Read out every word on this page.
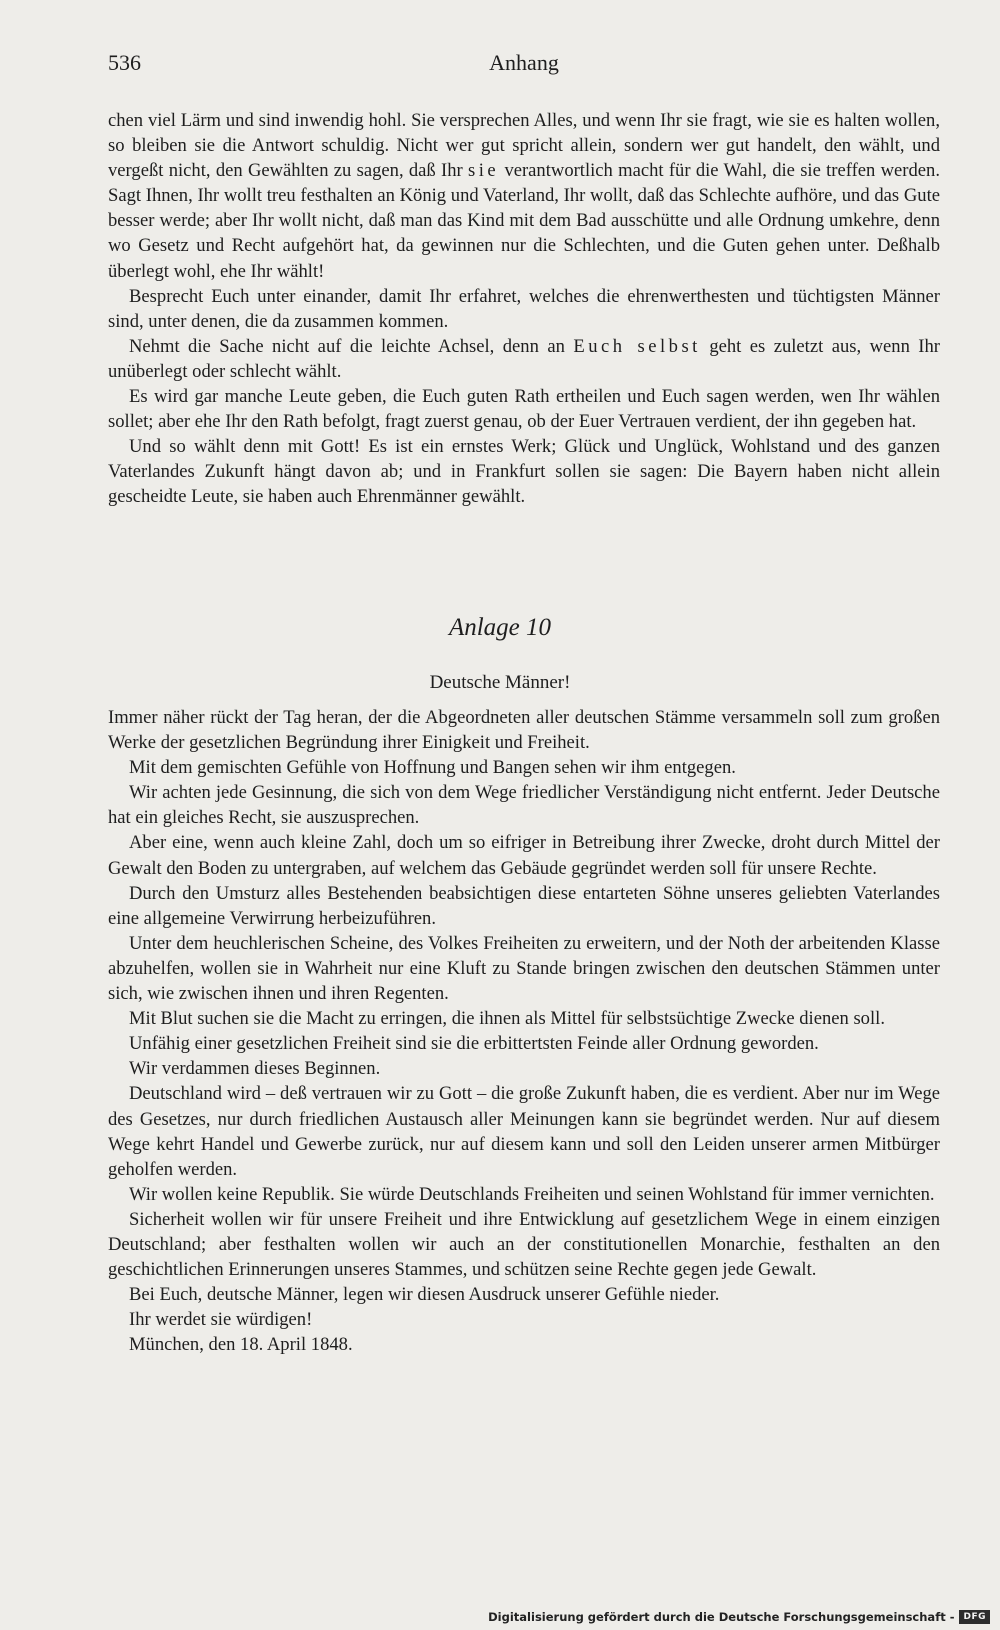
536	Anhang

chen viel Lärm und sind inwendig hohl. Sie versprechen Alles, und wenn Ihr sie fragt, wie sie es halten wollen, so bleiben sie die Antwort schuldig. Nicht wer gut spricht allein, sondern wer gut handelt, den wählt, und vergeßt nicht, den Gewählten zu sagen, daß Ihr sie verantwortlich macht für die Wahl, die sie treffen werden. Sagt Ihnen, Ihr wollt treu festhalten an König und Vaterland, Ihr wollt, daß das Schlechte aufhöre, und das Gute besser werde; aber Ihr wollt nicht, daß man das Kind mit dem Bad ausschütte und alle Ordnung umkehre, denn wo Gesetz und Recht aufgehört hat, da gewinnen nur die Schlechten, und die Guten gehen unter. Deßhalb überlegt wohl, ehe Ihr wählt!

Besprecht Euch unter einander, damit Ihr erfahret, welches die ehrenwerthesten und tüchtigsten Männer sind, unter denen, die da zusammen kommen.

Nehmt die Sache nicht auf die leichte Achsel, denn an Euch selbst geht es zuletzt aus, wenn Ihr unüberlegt oder schlecht wählt.

Es wird gar manche Leute geben, die Euch guten Rath ertheilen und Euch sagen werden, wen Ihr wählen sollet; aber ehe Ihr den Rath befolgt, fragt zuerst genau, ob der Euer Vertrauen verdient, der ihn gegeben hat.

Und so wählt denn mit Gott! Es ist ein ernstes Werk; Glück und Unglück, Wohlstand und des ganzen Vaterlandes Zukunft hängt davon ab; und in Frankfurt sollen sie sagen: Die Bayern haben nicht allein gescheidte Leute, sie haben auch Ehrenmänner gewählt.

Anlage 10
Deutsche Männer!

Immer näher rückt der Tag heran, der die Abgeordneten aller deutschen Stämme versammeln soll zum großen Werke der gesetzlichen Begründung ihrer Einigkeit und Freiheit.

Mit dem gemischten Gefühle von Hoffnung und Bangen sehen wir ihm entgegen.

Wir achten jede Gesinnung, die sich von dem Wege friedlicher Verständigung nicht entfernt. Jeder Deutsche hat ein gleiches Recht, sie auszusprechen.

Aber eine, wenn auch kleine Zahl, doch um so eifriger in Betreibung ihrer Zwecke, droht durch Mittel der Gewalt den Boden zu untergraben, auf welchem das Gebäude gegründet werden soll für unsere Rechte.

Durch den Umsturz alles Bestehenden beabsichtigen diese entarteten Söhne unseres geliebten Vaterlandes eine allgemeine Verwirrung herbeizuführen.

Unter dem heuchlerischen Scheine, des Volkes Freiheiten zu erweitern, und der Noth der arbeitenden Klasse abzuhelfen, wollen sie in Wahrheit nur eine Kluft zu Stande bringen zwischen den deutschen Stämmen unter sich, wie zwischen ihnen und ihren Regenten.

Mit Blut suchen sie die Macht zu erringen, die ihnen als Mittel für selbstsüchtige Zwecke dienen soll.

Unfähig einer gesetzlichen Freiheit sind sie die erbittertsten Feinde aller Ordnung geworden.

Wir verdammen dieses Beginnen.

Deutschland wird – deß vertrauen wir zu Gott – die große Zukunft haben, die es verdient. Aber nur im Wege des Gesetzes, nur durch friedlichen Austausch aller Meinungen kann sie begründet werden. Nur auf diesem Wege kehrt Handel und Gewerbe zurück, nur auf diesem kann und soll den Leiden unserer armen Mitbürger geholfen werden.

Wir wollen keine Republik. Sie würde Deutschlands Freiheiten und seinen Wohlstand für immer vernichten.

Sicherheit wollen wir für unsere Freiheit und ihre Entwicklung auf gesetzlichem Wege in einem einzigen Deutschland; aber festhalten wollen wir auch an der constitutionellen Monarchie, festhalten an den geschichtlichen Erinnerungen unseres Stammes, und schützen seine Rechte gegen jede Gewalt.

Bei Euch, deutsche Männer, legen wir diesen Ausdruck unserer Gefühle nieder.

Ihr werdet sie würdigen!

München, den 18. April 1848.

Digitalisierung gefördert durch die Deutsche Forschungsgemeinschaft -	DFG
